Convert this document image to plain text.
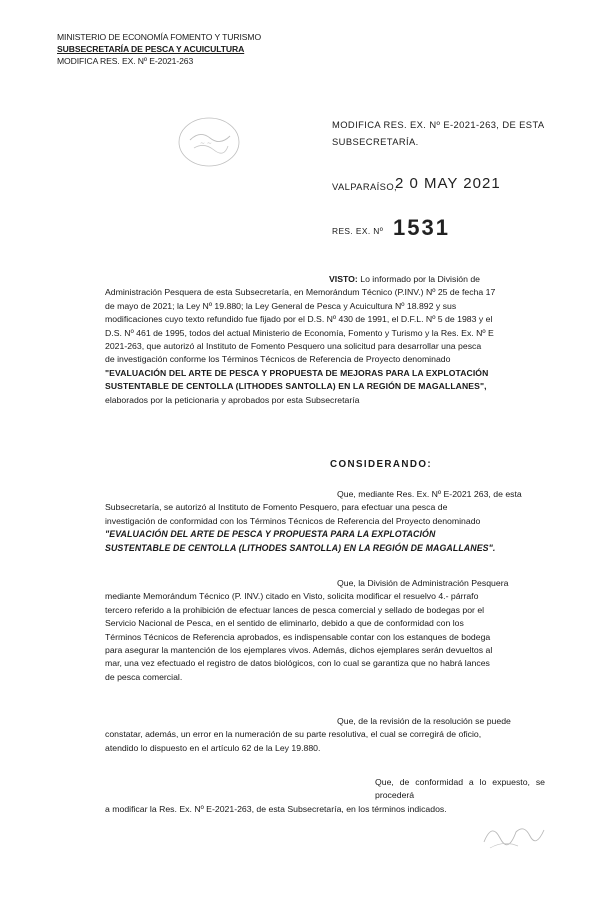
MINISTERIO DE ECONOMÍA FOMENTO Y TURISMO
SUBSECRETARÍA DE PESCA Y ACUICULTURA
MODIFICA RES. EX. Nº E-2021-263
~ ~
MODIFICA RES. EX. Nº E-2021-263, DE ESTA
SUBSECRETARÍA.
VALPARAÍSO,
2 0 MAY 2021
RES. EX. Nº 1531
VISTO: Lo informado por la División de
Administración Pesquera de esta Subsecretaría, en Memorándum Técnico (P.INV.) Nº 25 de fecha 17
de mayo de 2021; la Ley Nº 19.880; la Ley General de Pesca y Acuicultura Nº 18.892 y sus
modificaciones cuyo texto refundido fue fijado por el D.S. Nº 430 de 1991, el D.F.L. Nº 5 de 1983 y el
D.S. Nº 461 de 1995, todos del actual Ministerio de Economía, Fomento y Turismo y la Res. Ex. Nº E
2021-263, que autorizó al Instituto de Fomento Pesquero una solicitud para desarrollar una pesca
de investigación conforme los Términos Técnicos de Referencia de Proyecto denominado
"EVALUACIÓN DEL ARTE DE PESCA Y PROPUESTA DE MEJORAS PARA LA EXPLOTACIÓN
SUSTENTABLE DE CENTOLLA (LITHODES SANTOLLA) EN LA REGIÓN DE MAGALLANES",
elaborados por la peticionaria y aprobados por esta Subsecretaría
CONSIDERANDO:
Que, mediante Res. Ex. Nº E-2021 263, de esta
Subsecretaría, se autorizó al Instituto de Fomento Pesquero, para efectuar una pesca de
investigación de conformidad con los Términos Técnicos de Referencia del Proyecto denominado
"EVALUACIÓN DEL ARTE DE PESCA Y PROPUESTA PARA LA EXPLOTACIÓN
SUSTENTABLE DE CENTOLLA (LITHODES SANTOLLA) EN LA REGIÓN DE MAGALLANES".
Que, la División de Administración Pesquera
mediante Memorándum Técnico (P. INV.) citado en Visto, solicita modificar el resuelvo 4.- párrafo
tercero referido a la prohibición de efectuar lances de pesca comercial y sellado de bodegas por el
Servicio Nacional de Pesca, en el sentido de eliminarlo, debido a que de conformidad con los
Términos Técnicos de Referencia aprobados, es indispensable contar con los estanques de bodega
para asegurar la mantención de los ejemplares vivos. Además, dichos ejemplares serán devueltos al
mar, una vez efectuado el registro de datos biológicos, con lo cual se garantiza que no habrá lances
de pesca comercial.
Que, de la revisión de la resolución se puede
constatar, además, un error en la numeración de su parte resolutiva, el cual se corregirá de oficio,
atendido lo dispuesto en el artículo 62 de la Ley 19.880.
Que, de conformidad a lo expuesto, se procederá
a modificar la Res. Ex. Nº E-2021-263, de esta Subsecretaría, en los términos indicados.
